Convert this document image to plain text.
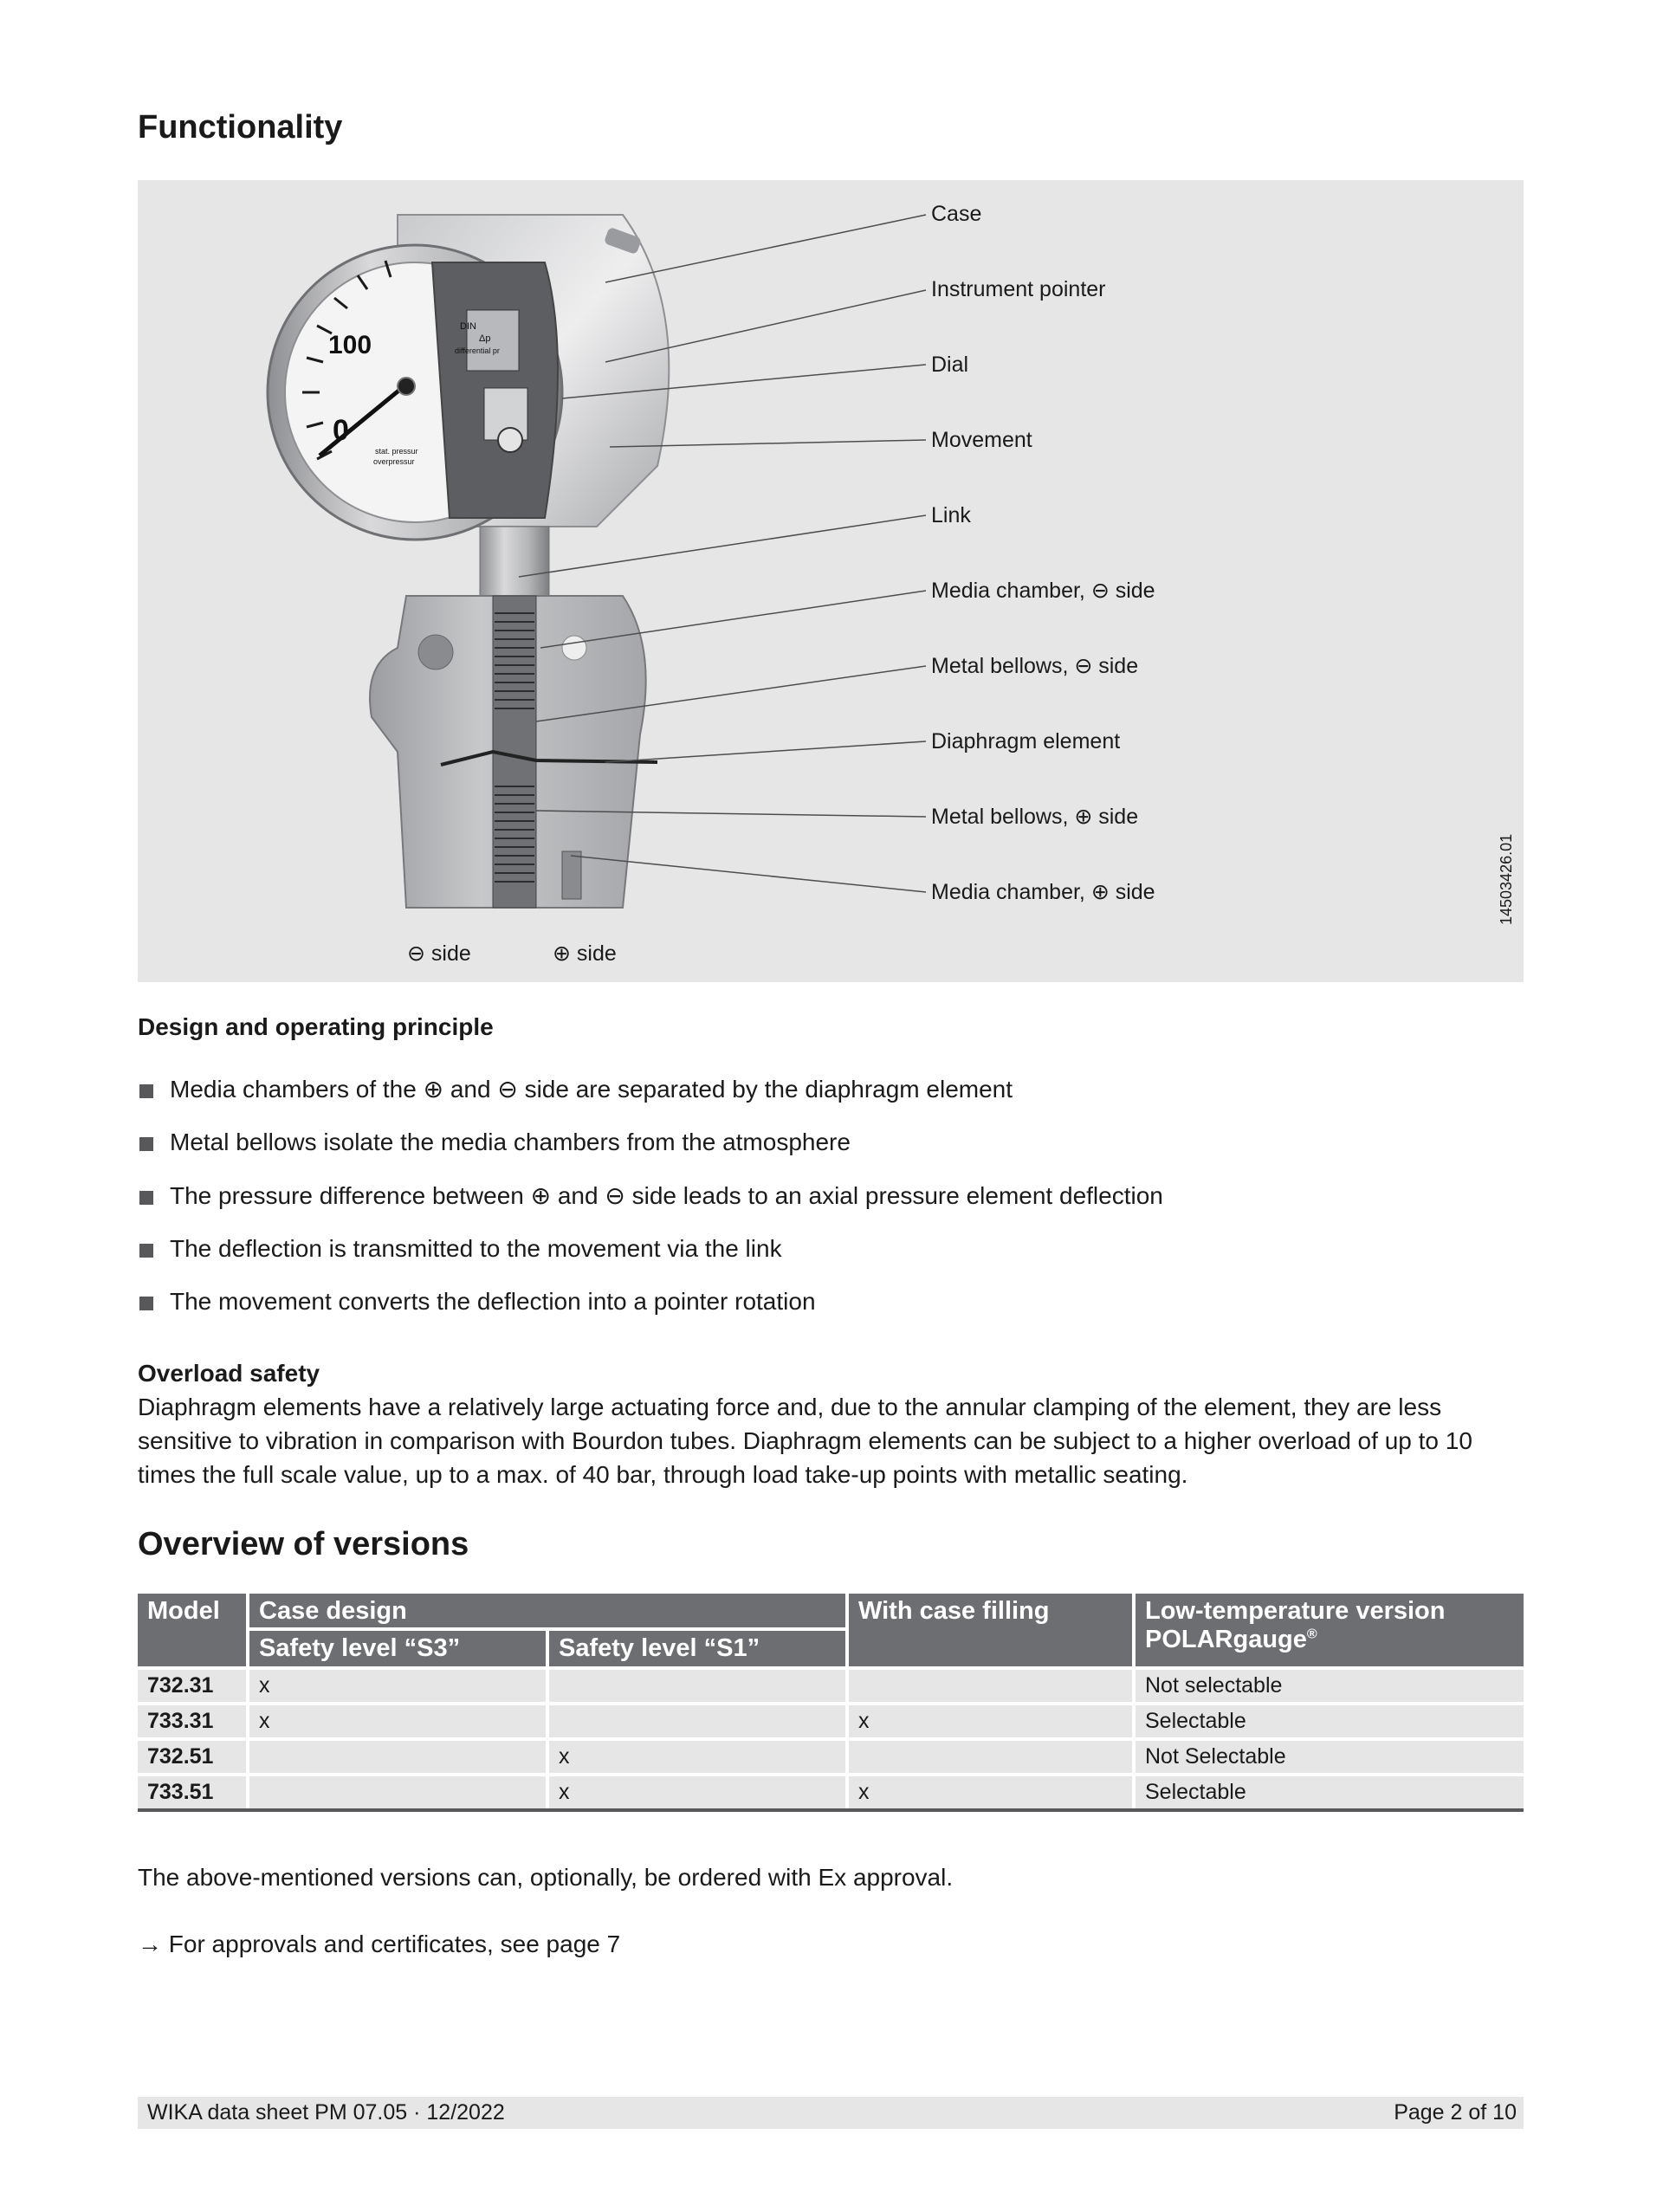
Functionality
100
0
DIN
Δp
differential pr
stat. pressur
overpressur
Case
Instrument pointer
Dial
Movement
Link
Media chamber, ⊖ side
Metal bellows, ⊖ side
Diaphragm element
Metal bellows, ⊕ side
Media chamber, ⊕ side
⊖ side	⊕ side
14503426.01
Design and operating principle
Media chambers of the ⊕ and ⊖ side are separated by the diaphragm element
Metal bellows isolate the media chambers from the atmosphere
The pressure difference between ⊕ and ⊖ side leads to an axial pressure element deflection
The deflection is transmitted to the movement via the link
The movement converts the deflection into a pointer rotation
Overload safety
Diaphragm elements have a relatively large actuating force and, due to the annular clamping of the element, they are less sensitive to vibration in comparison with Bourdon tubes. Diaphragm elements can be subject to a higher overload of up to 10 times the full scale value, up to a max. of 40 bar, through load take-up points with metallic seating.
Overview of versions
Model	Case design		With case filling	Low-temperature version
POLARgauge®
	Safety level “S3”	Safety level “S1”		
732.31	x			Not selectable
733.31	x		x	Selectable
732.51		x		Not Selectable
733.51		x	x	Selectable
The above-mentioned versions can, optionally, be ordered with Ex approval.
→ For approvals and certificates, see page 7
WIKA data sheet PM 07.05 · 12/2022	Page 2 of 10
